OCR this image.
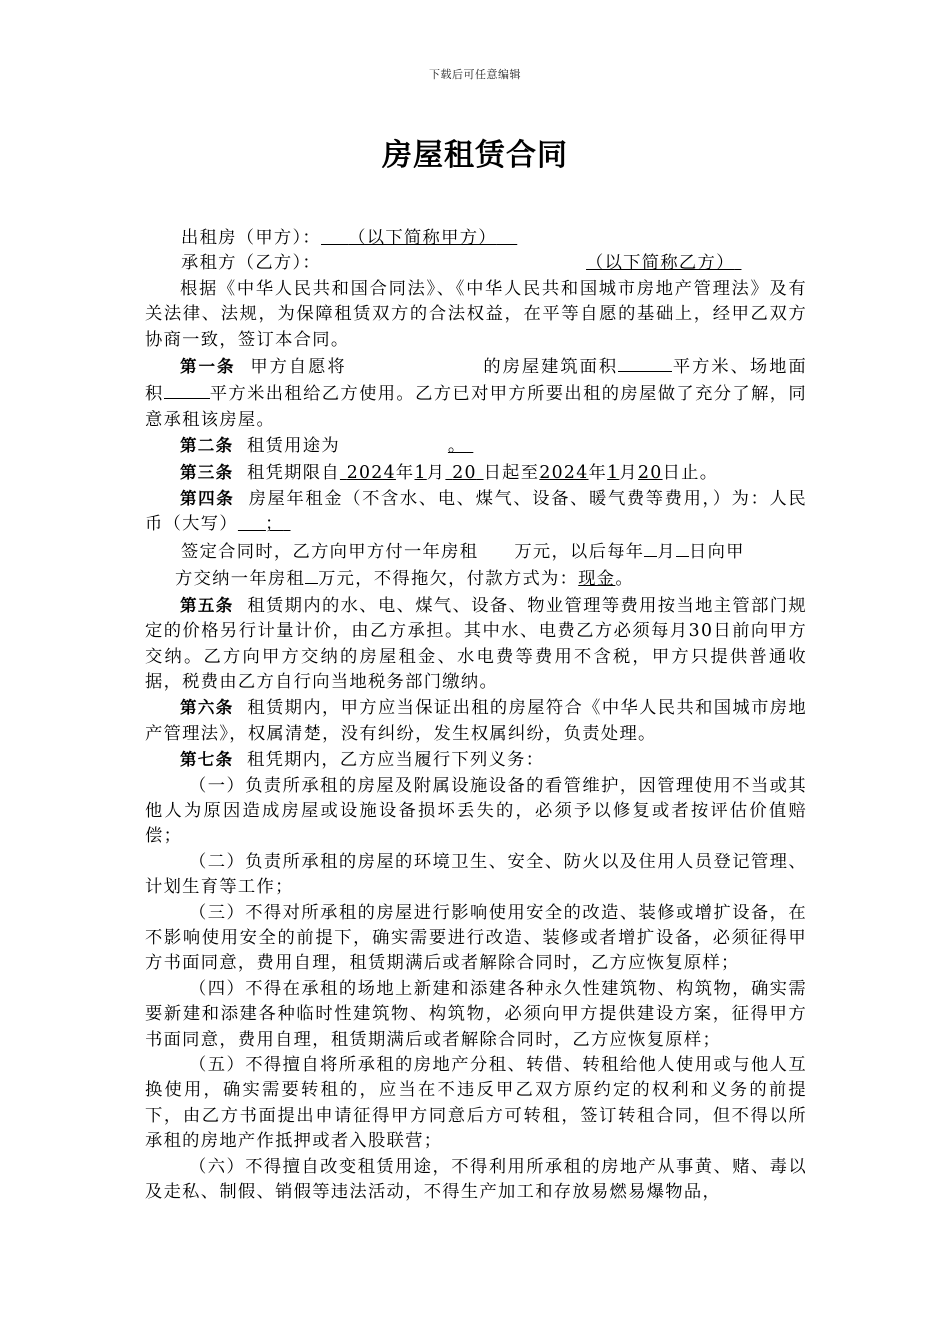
下载后可任意编辑
房屋租赁合同

出租房（甲方）： （以下简称甲方）

承租方（乙方）：	（以下简称乙方）

根据《中华人民共和国合同法》、《中华人民共和国城市房地产管理法》及有关法律、法规，为保障租赁双方的合法权益，在平等自愿的基础上，经甲乙双方协商一致，签订本合同。

第一条 甲方自愿将	的房屋建筑面积	平方米、场地面积	平方米出租给乙方使用。乙方已对甲方所要出租的房屋做了充分了解，同意承租该房屋。

第二条 租赁用途为	。

第三条 租凭期限自 2024年1月 20 日起至2024年1月20日止。

第四条 房屋年租金（不含水、电、煤气、设备、暖气费等费用，）为：人民币（大写） ；

签定合同时，乙方向甲方付一年房租 万元，以后每年 月 日向甲

方交纳一年房租 万元，不得拖欠，付款方式为：现金。

第五条 租赁期内的水、电、煤气、设备、物业管理等费用按当地主管部门规定的价格另行计量计价，由乙方承担。其中水、电费乙方必须每月30日前向甲方交纳。乙方向甲方交纳的房屋租金、水电费等费用不含税，甲方只提供普通收据，税费由乙方自行向当地税务部门缴纳。

第六条 租赁期内，甲方应当保证出租的房屋符合《中华人民共和国城市房地产管理法》，权属清楚，没有纠纷，发生权属纠纷，负责处理。

第七条 租凭期内，乙方应当履行下列义务：

（一）负责所承租的房屋及附属设施设备的看管维护，因管理使用不当或其他人为原因造成房屋或设施设备损坏丢失的，必须予以修复或者按评估价值赔偿；

（二）负责所承租的房屋的环境卫生、安全、防火以及住用人员登记管理、计划生育等工作；

（三）不得对所承租的房屋进行影响使用安全的改造、装修或增扩设备，在不影响使用安全的前提下，确实需要进行改造、装修或者增扩设备，必须征得甲方书面同意，费用自理，租赁期满后或者解除合同时，乙方应恢复原样；

（四）不得在承租的场地上新建和添建各种永久性建筑物、构筑物，确实需要新建和添建各种临时性建筑物、构筑物，必须向甲方提供建设方案，征得甲方书面同意，费用自理，租赁期满后或者解除合同时，乙方应恢复原样；

（五）不得擅自将所承租的房地产分租、转借、转租给他人使用或与他人互换使用，确实需要转租的，应当在不违反甲乙双方原约定的权利和义务的前提下，由乙方书面提出申请征得甲方同意后方可转租，签订转租合同，但不得以所承租的房地产作抵押或者入股联营；

（六）不得擅自改变租赁用途，不得利用所承租的房地产从事黄、赌、毒以及走私、制假、销假等违法活动，不得生产加工和存放易燃易爆物品，
